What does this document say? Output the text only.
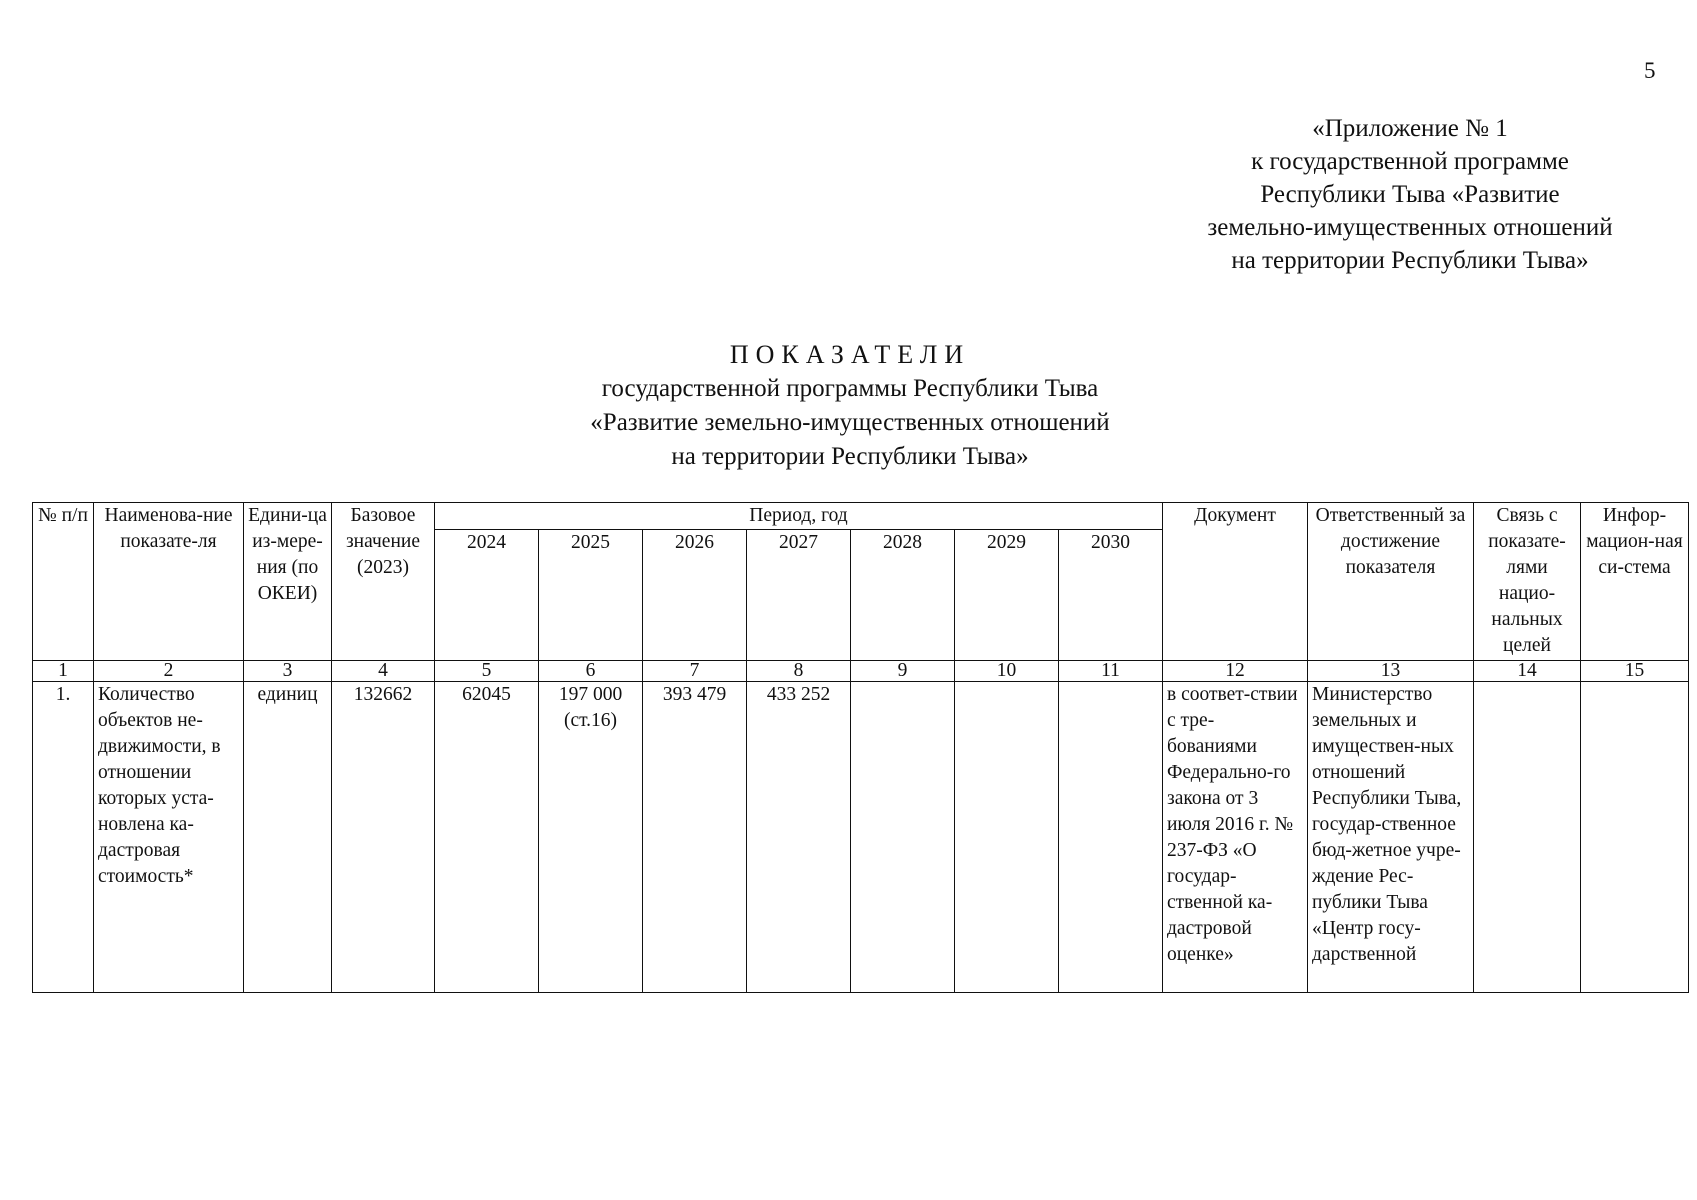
5
«Приложение № 1
к государственной программе
Республики Тыва «Развитие
земельно-имущественных отношений
на территории Республики Тыва»
ПОКАЗАТЕЛИ
государственной программы Республики Тыва
«Развитие земельно-имущественных отношений
на территории Республики Тыва»
№ п/п	Наименова-ние показате-ля	Едини-ца из-мере-ния (по ОКЕИ)	Базовое значение (2023)	Период, год							Документ	Ответственный за достижение показателя	Связь с показате-лями нацио-нальных целей	Инфор-мацион-ная си-стема
				2024	2025	2026	2027	2028	2029	2030				
1	2	3	4	5	6	7	8	9	10	11	12	13	14	15
1.	Количество объектов не-движимости, в отношении которых уста-новлена ка-дастровая стоимость*	единиц	132662	62045	197 000 (ст.16)	393 479	433 252				в соответ-ствии с тре-бованиями Федерально-го закона от 3 июля 2016 г. № 237-ФЗ «О государ-ственной ка-дастровой оценке»	Министерство земельных и имуществен-ных отношений Республики Тыва, государ-ственное бюд-жетное учре-ждение Рес-публики Тыва «Центр госу-дарственной		
